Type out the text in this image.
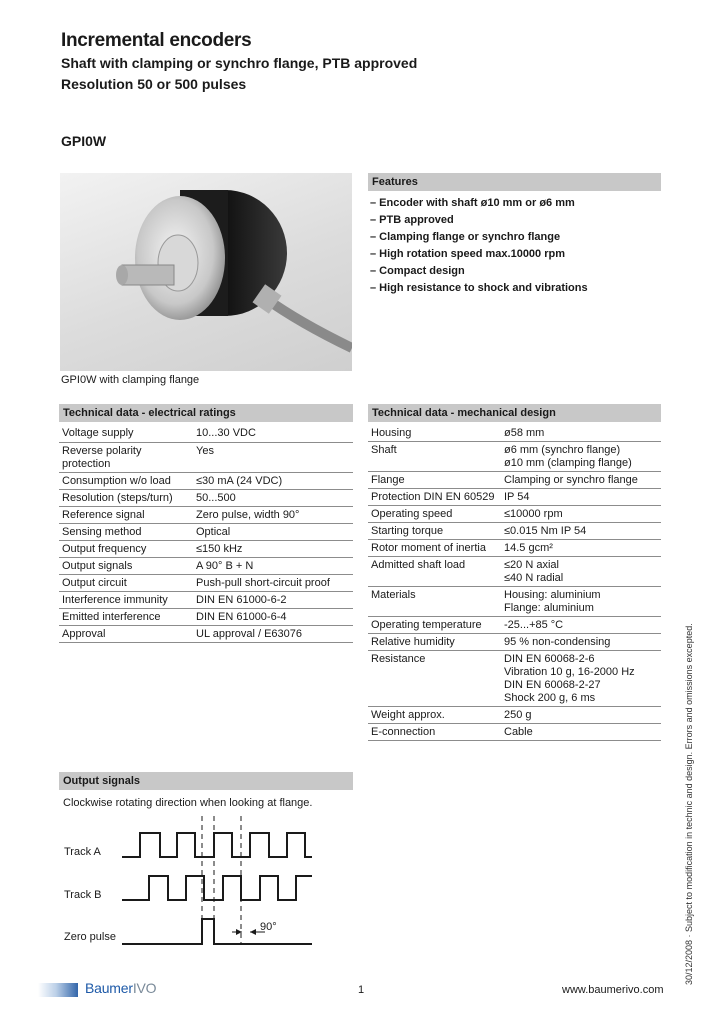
Incremental encoders
Shaft with clamping or synchro flange, PTB approved
Resolution 50 or 500 pulses
GPI0W
GPI0W with clamping flange
Features
– Encoder with shaft ø10 mm or ø6 mm
– PTB approved
– Clamping flange or synchro flange
– High rotation speed max.10000 rpm
– Compact design
– High resistance to shock and vibrations
Technical data - electrical ratings
Voltage supply	10...30 VDC
Reverse polarity protection	Yes
Consumption w/o load	≤30 mA (24 VDC)
Resolution (steps/turn)	50...500
Reference signal	Zero pulse, width 90°
Sensing method	Optical
Output frequency	≤150 kHz
Output signals	A 90° B + N
Output circuit	Push-pull short-circuit proof
Interference immunity	DIN EN 61000-6-2
Emitted interference	DIN EN 61000-6-4
Approval	UL approval / E63076
Technical data - mechanical design
Housing	ø58 mm

Shaft	ø6 mm (synchro flange)
ø10 mm (clamping flange)

Flange	Clamping or synchro flange

Protection DIN EN 60529	IP 54

Operating speed	≤10000 rpm

Starting torque	≤0.015 Nm IP 54

Rotor moment of inertia	14.5 gcm²

Admitted shaft load	≤20 N axial
≤40 N radial

Materials	Housing: aluminium
Flange: aluminium

Operating temperature	-25...+85 °C

Relative humidity	95 % non-condensing

Resistance	DIN EN 60068-2-6
Vibration 10 g, 16-2000 Hz
DIN EN 60068-2-27
Shock 200 g, 6 ms

Weight approx.	250 g

E-connection	Cable
Output signals
Clockwise rotating direction when looking at flange.
Track A
Track B
Zero pulse
90°	30/12/2008 · Subject to modification in technic and design. Errors and omissions excepted.
BaumerIVO	1	www.baumerivo.com
